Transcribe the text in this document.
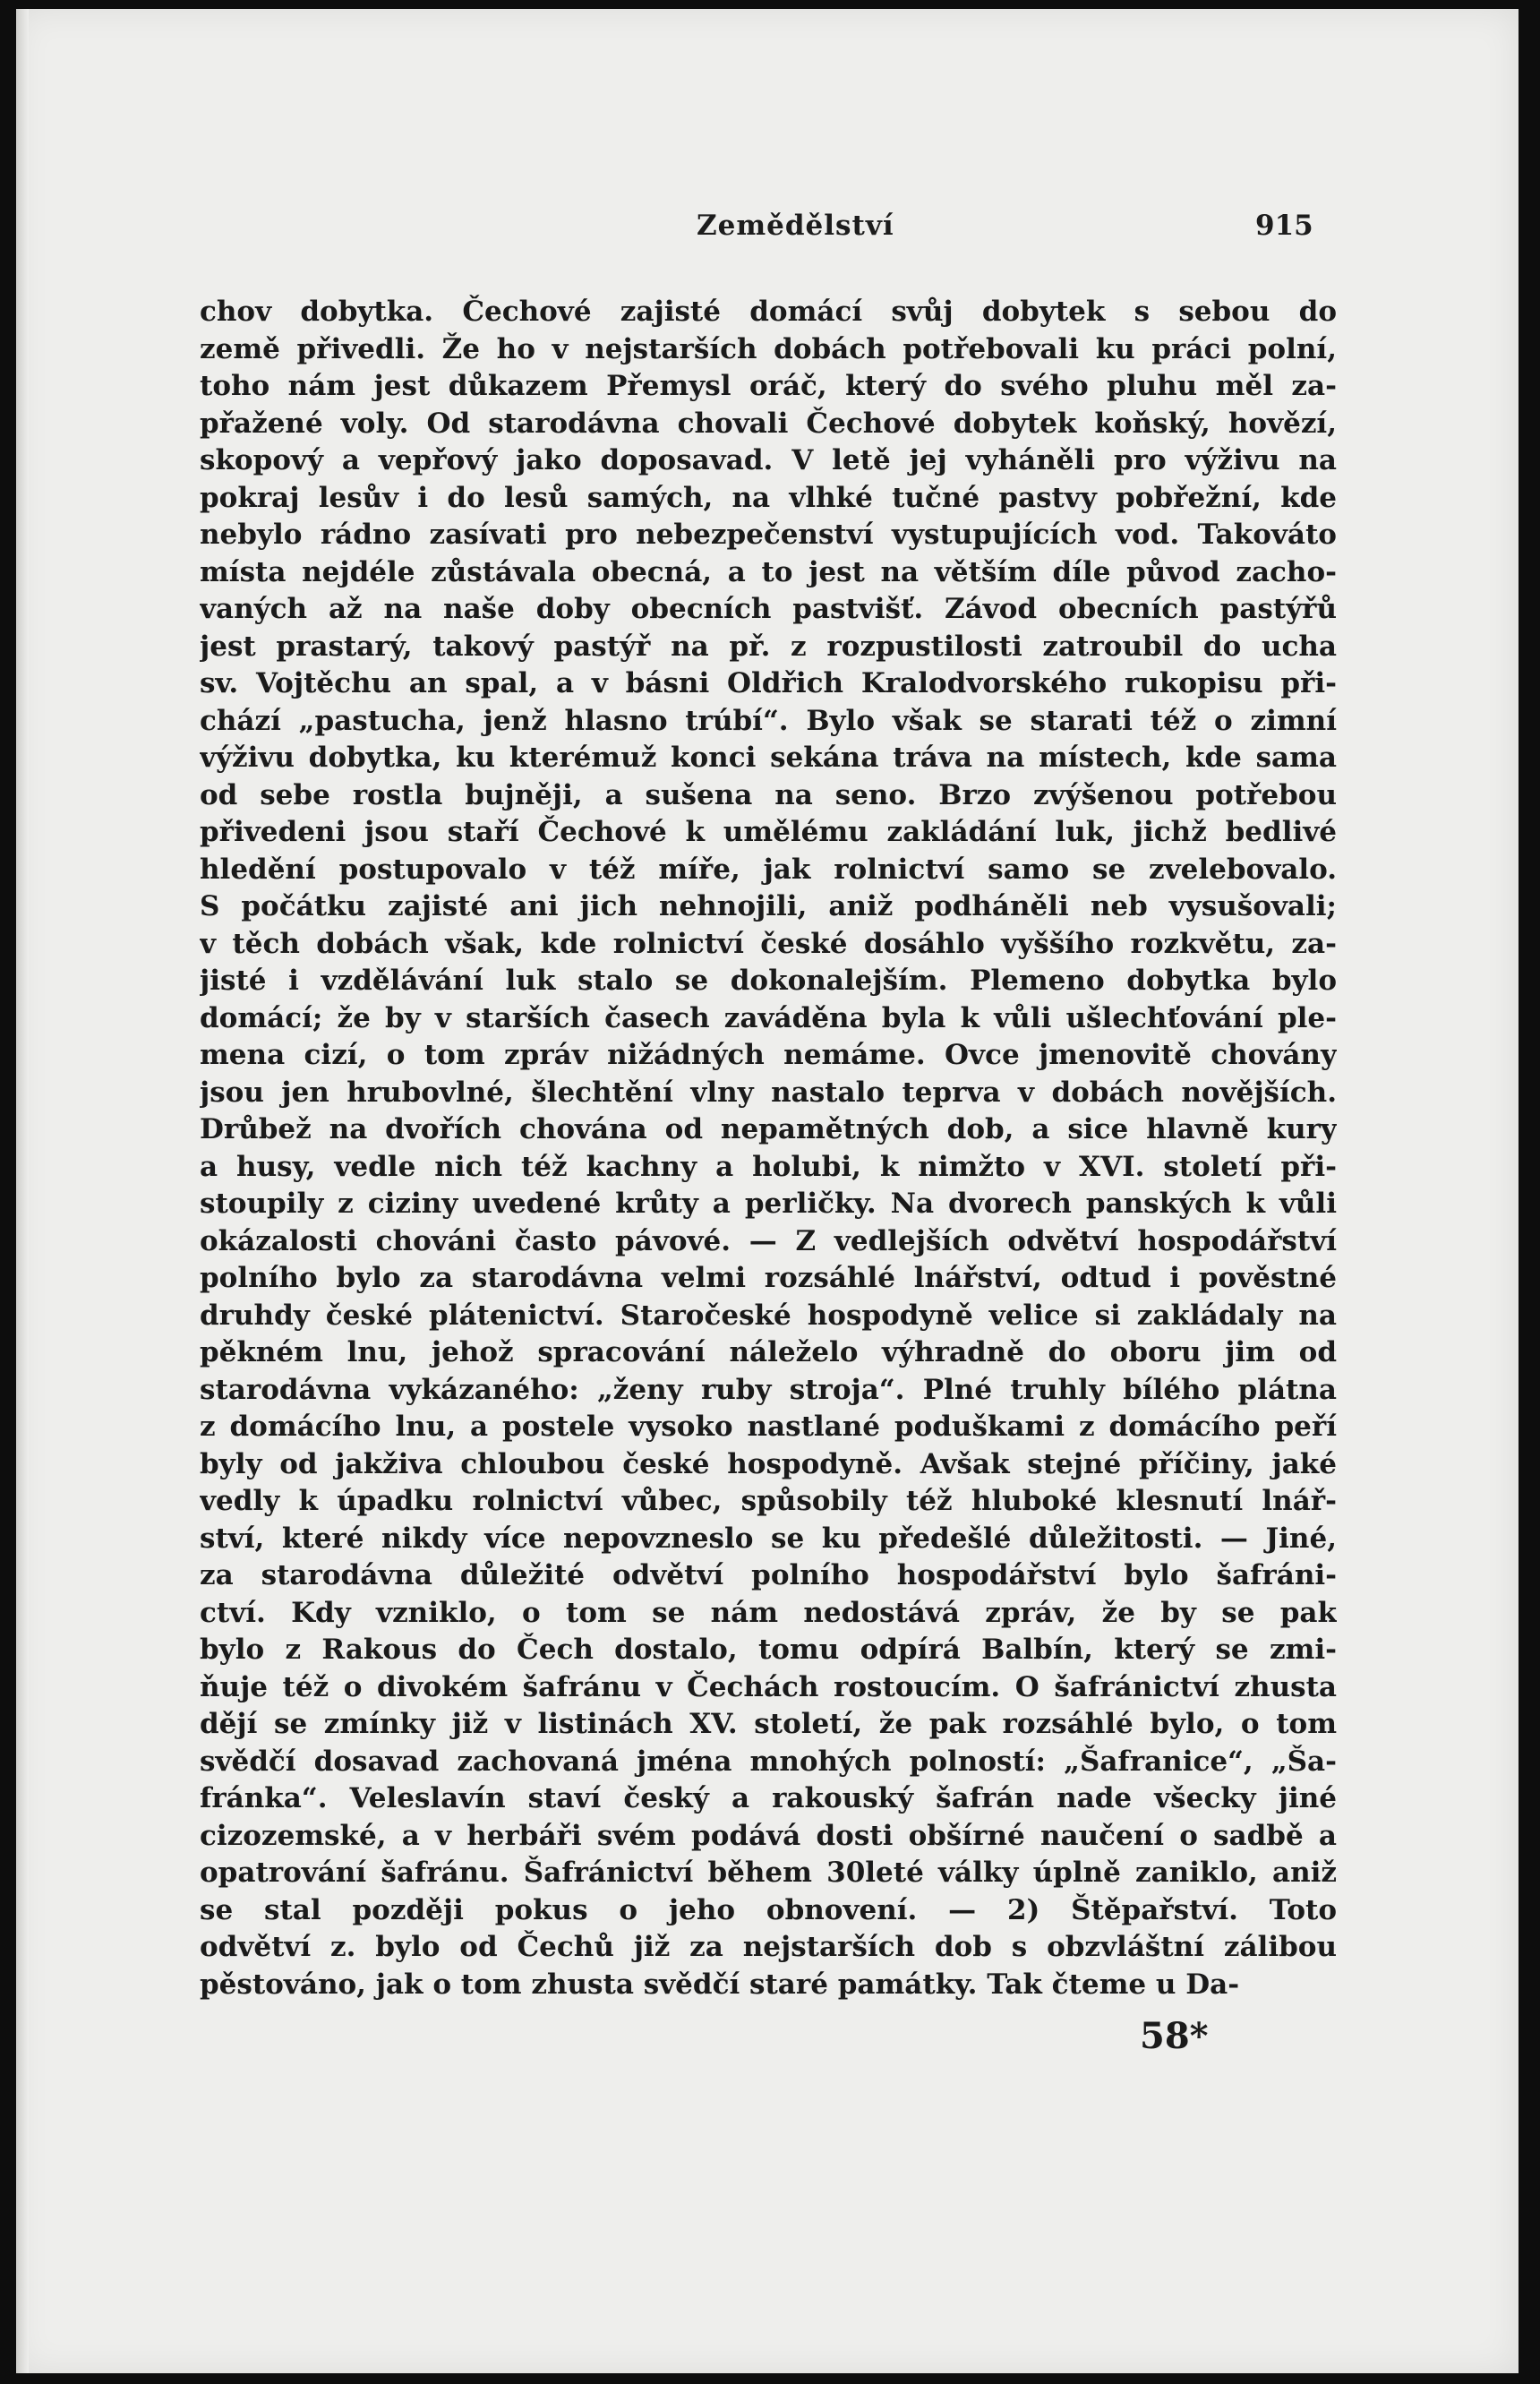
Zemědělství	915
chov dobytka. Čechové zajisté domácí svůj dobytek s sebou do
země přivedli. Že ho v nejstarších dobách potřebovali ku práci polní,
toho nám jest důkazem Přemysl oráč, který do svého pluhu měl za-
přažené voly. Od starodávna chovali Čechové dobytek koňský, hovězí,
skopový a vepřový jako doposavad. V letě jej vyháněli pro výživu na
pokraj lesův i do lesů samých, na vlhké tučné pastvy pobřežní, kde
nebylo rádno zasívati pro nebezpečenství vystupujících vod. Takováto
místa nejdéle zůstávala obecná, a to jest na větším díle původ zacho-
vaných až na naše doby obecních pastvišť. Závod obecních pastýřů
jest prastarý, takový pastýř na př. z rozpustilosti zatroubil do ucha
sv. Vojtěchu an spal, a v básni Oldřich Kralodvorského rukopisu při-
chází „pastucha, jenž hlasno trúbí“. Bylo však se starati též o zimní
výživu dobytka, ku kterémuž konci sekána tráva na místech, kde sama
od sebe rostla bujněji, a sušena na seno. Brzo zvýšenou potřebou
přivedeni jsou staří Čechové k umělému zakládání luk, jichž bedlivé
hledění postupovalo v též míře, jak rolnictví samo se zvelebovalo.
S počátku zajisté ani jich nehnojili, aniž podháněli neb vysušovali;
v těch dobách však, kde rolnictví české dosáhlo vyššího rozkvětu, za-
jisté i vzdělávání luk stalo se dokonalejším. Plemeno dobytka bylo
domácí; že by v starších časech zaváděna byla k vůli ušlechťování ple-
mena cizí, o tom zpráv nižádných nemáme. Ovce jmenovitě chovány
jsou jen hrubovlné, šlechtění vlny nastalo teprva v dobách novějších.
Drůbež na dvořích chována od nepamětných dob, a sice hlavně kury
a husy, vedle nich též kachny a holubi, k nimžto v XVI. století při-
stoupily z ciziny uvedené krůty a perličky. Na dvorech panských k vůli
okázalosti chováni často pávové. — Z vedlejších odvětví hospodářství
polního bylo za starodávna velmi rozsáhlé lnářství, odtud i pověstné
druhdy české plátenictví. Staročeské hospodyně velice si zakládaly na
pěkném lnu, jehož spracování náleželo výhradně do oboru jim od
starodávna vykázaného: „ženy ruby stroja“. Plné truhly bílého plátna
z domácího lnu, a postele vysoko nastlané poduškami z domácího peří
byly od jakživa chloubou české hospodyně. Avšak stejné příčiny, jaké
vedly k úpadku rolnictví vůbec, spůsobily též hluboké klesnutí lnář-
ství, které nikdy více nepovzneslo se ku předešlé důležitosti. — Jiné,
za starodávna důležité odvětví polního hospodářství bylo šafráni-
ctví. Kdy vzniklo, o tom se nám nedostává zpráv, že by se pak
bylo z Rakous do Čech dostalo, tomu odpírá Balbín, který se zmi-
ňuje též o divokém šafránu v Čechách rostoucím. O šafránictví zhusta
dějí se zmínky již v listinách XV. století, že pak rozsáhlé bylo, o tom
svědčí dosavad zachovaná jména mnohých polností: „Šafranice“, „Ša-
fránka“. Veleslavín staví český a rakouský šafrán nade všecky jiné
cizozemské, a v herbáři svém podává dosti obšírné naučení o sadbě a
opatrování šafránu. Šafránictví během 30leté války úplně zaniklo, aniž
se stal později pokus o jeho obnovení. — 2) Štěpařství. Toto
odvětví z. bylo od Čechů již za nejstarších dob s obzvláštní zálibou
pěstováno, jak o tom zhusta svědčí staré památky. Tak čteme u Da-
58*
